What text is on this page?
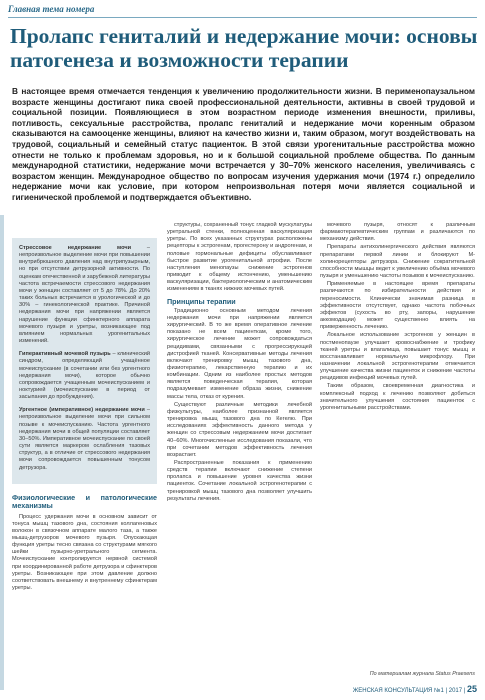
Главная тема номера
Пролапс гениталий и недержание мочи: основы патогенеза и возможности терапии
В настоящее время отмечается тенденция к увеличению продолжительности жизни. В перименопаузальном возрасте женщины достигают пика своей профессиональной деятельности, активны в своей трудовой и социальной позиции. Появляющиеся в этом возрастном периоде изменения внешности, приливы, потливость, сексуальные расстройства, пролапс гениталий и недержание мочи коренным образом сказываются на самооценке женщины, влияют на качество жизни и, таким образом, могут воздействовать на трудовой, социальный и семейный статус пациенток. В этой связи урогенитальные расстройства можно отнести не только к проблемам здоровья, но и к большой социальной проблеме общества. По данным международной статистики, недержание мочи встречается у 30–70% женского населения, увеличиваясь с возрастом женщин. Международное общество по вопросам изучения удержания мочи (1974 г.) определило недержание мочи как условие, при котором непроизвольная потеря мочи является социальной и гигиенической проблемой и подтверждается объективно.

Стрессовое недержание мочи – непроизвольное выделение мочи при повышении внутрибрюшного давления над внутрипузырным, но при отсутствии детрузорной активности. По оценкам отечественной и зарубежной литературы частота встречаемости стрессового недержания мочи у женщин составляет от 5 до 78%. До 20% таких больных встречается в урологической и до 30% – гинекологической практике. Причиной недержания мочи при напряжении является нарушение функции сфинктерного аппарата мочевого пузыря и уретры, возникающее под влиянием нормальных урогенитальных изменений.

Гиперактивный мочевой пузырь – клинический синдром, определяющий учащённое мочеиспускание (в сочетании или без ургентного недержания мочи), которое обычно сопровождается учащенным мочеиспусканием и ноктурией (мочеиспускание в период от засыпания до пробуждения).

Ургентное (императивное) недержание мочи – непроизвольное выделение мочи при сильном позыве к мочеиспусканию. Частота ургентного недержания мочи в общей популяции составляет 30–50%. Императивное мочеиспускание по своей сути является маркером ослабления тазовых структур, а в отличие от стрессового недержания мочи сопровождается повышенным тонусом детрузора.

Физиологические и патологические механизмы

Процесс удержания мочи в основном зависит от тонуса мышц тазового дна, состояния коллагеновых волокон в связочном аппарате малого таза, а также мышц-детрузоров мочевого пузыря. Опускающая функция уретры тесно связана со структурами мягкого шейки пузырно-уретрального сегмента. Мочеиспускание контролируется нервной системой при координированной работе детрузора и сфинктеров уретры. Возникающее при этом давление должно соответствовать внешнему и внутреннему сфинктерам уретры.

структуры, сохраненный тонус гладкой мускулатуры уретральной стенки, полноценная васкуляризация уретры. По всех указанных структурах расположены рецепторы к эстрогенам, прогестерону и андрогенам, и половые гормональные дефициты обуславливают быстрое развитие урогенитальной атрофии. После наступления менопаузы снижение эстрогенов приводит к общему истончению, уменьшению васкуляризации, бактериологическим и анатомическим изменениям в тканях нижних мочевых путей.

Принципы терапии

Традиционно основным методом лечения недержания мочи при напряжении является хирургический. В то же время оперативное лечение показано не всем пациенткам, кроме того, хирургическое лечение может сопровождаться рецидивами, связанными с прогрессирующей дистрофией тканей. Консервативные методы лечения включают тренировку мышц тазового дна, физиотерапию, лекарственную терапию и их комбинации. Одним из наиболее простых методов является поведенческая терапия, которая подразумевает изменение образа жизни, снижение массы тела, отказ от курения.

Существуют различные методики лечебной физкультуры, наиболее признанной является тренировка мышц тазового дна по Кегелю. При исследованиях эффективность данного метода у женщин со стрессовым недержанием мочи достигает 40–60%. Многочисленные исследования показали, что при сочетании методов эффективность лечения возрастает.

Распространенные показания к применению средств терапии включают снижение степени пролапса и повышение уровня качества жизни пациенток. Сочетание локальной эстрогенотерапии с тренировкой мышц тазового дна позволяет улучшить результаты лечения.

мочевого пузыря, относят к различным фармакотерапевтическим группам и различаются по механизму действия.

Препараты антихолинергического действия являются препаратами первой линии и блокируют М-холинорецепторы детрузора. Снижение сократительной способности мышцы ведет к увеличению объёма мочевого пузыря и уменьшению частоты позывов к мочеиспусканию.

Применяемые в настоящее время препараты различаются по избирательности действия и переносимости. Клинически значимая разница в эффективности отсутствует, однако частота побочных эффектов (сухость во рту, запоры, нарушение аккомодации) может существенно влиять на приверженность лечению.

Локальное использование эстрогенов у женщин в постменопаузе улучшает кровоснабжение и трофику тканей уретры и влагалища, повышает тонус мышц и восстанавливает нормальную микрофлору. При назначении локальной эстрогенотерапии отмечается улучшение качества жизни пациенток и снижение частоты рецидивов инфекций мочевых путей.

Таким образом, своевременная диагностика и комплексный подход к лечению позволяют добиться значительного улучшения состояния пациенток с урогенитальными расстройствами.

По материалам журнала Status Praesens
ЖЕНСКАЯ КОНСУЛЬТАЦИЯ №1 | 2017 | 25
